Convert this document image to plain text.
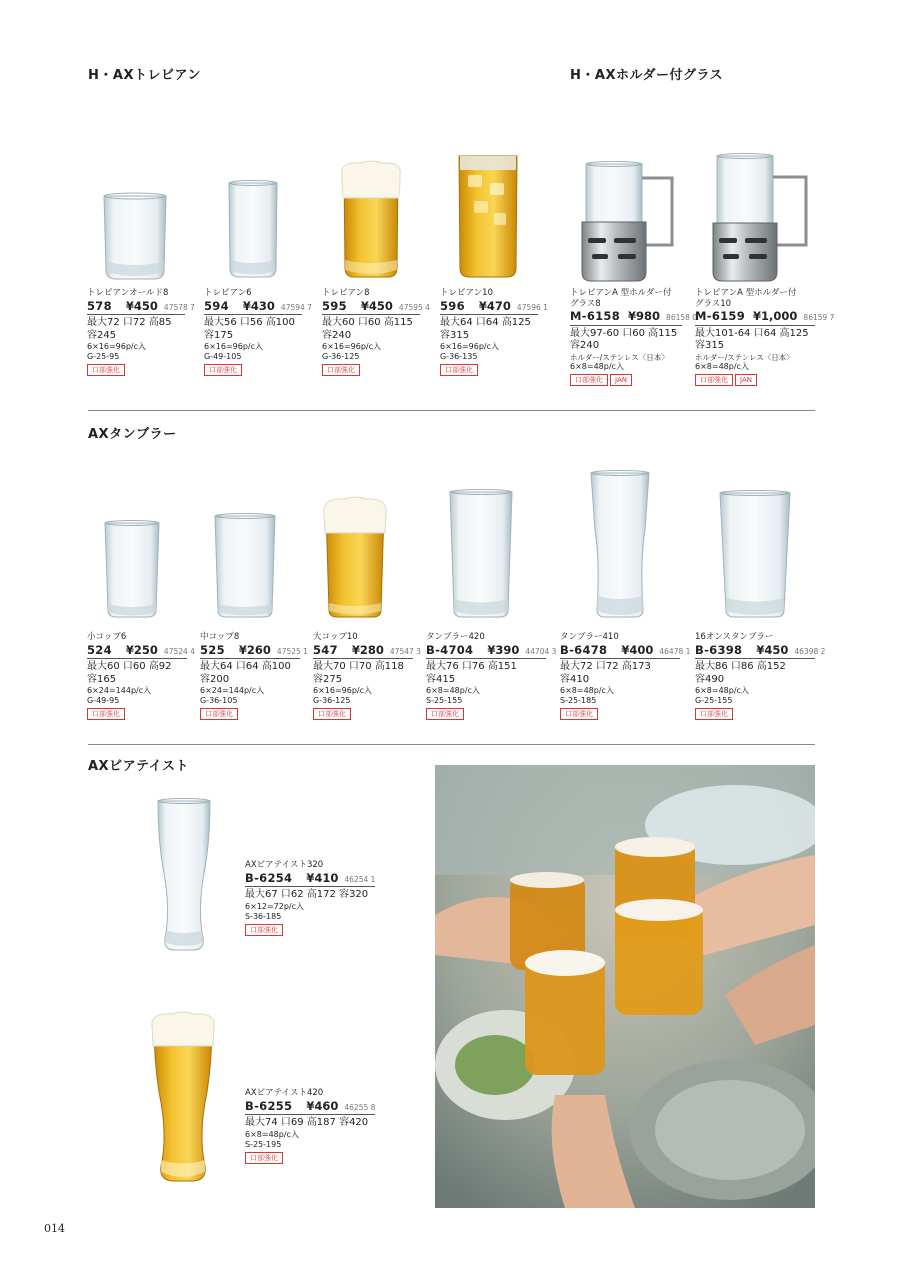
H・AXトレビアン	H・AXホルダー付グラス
AXタンブラー
AXビアテイスト
トレビアンオールド8
578 ¥450 47578 7
最大72 口72 高85
容245
6×16=96p/c入
G-25-95
口部強化
トレビアン6
594 ¥430 47594 7
最大56 口56 高100
容175
6×16=96p/c入
G-49-105
口部強化
トレビアン8
595 ¥450 47595 4
最大60 口60 高115
容240
6×16=96p/c入
G-36-125
口部強化
トレビアン10
596 ¥470 47596 1
最大64 口64 高125
容315
6×16=96p/c入
G-36-135
口部強化
トレビアンA 型ホルダー付
グラス8
M-6158 ¥980 86158 0
最大97-60 口60 高115
容240
ホルダー/ステンレス〈日本〉
6×8=48p/c入
口部強化 JAN
トレビアンA 型ホルダー付
グラス10
M-6159 ¥1,000 86159 7
最大101-64 口64 高125
容315
ホルダー/ステンレス〈日本〉
6×8=48p/c入
口部強化 JAN
小コップ6
524 ¥250 47524 4
最大60 口60 高92
容165
6×24=144p/c入
G-49-95
口部強化
中コップ8
525 ¥260 47525 1
最大64 口64 高100
容200
6×24=144p/c入
G-36-105
口部強化
大コップ10
547 ¥280 47547 3
最大70 口70 高118
容275
6×16=96p/c入
G-36-125
口部強化
タンブラー420
B-4704 ¥390 44704 3
最大76 口76 高151
容415
6×8=48p/c入
S-25-155
口部強化
タンブラー410
B-6478 ¥400 46478 1
最大72 口72 高173
容410
6×8=48p/c入
S-25-185
口部強化
16オンスタンブラー
B-6398 ¥450 46398 2
最大86 口86 高152
容490
6×8=48p/c入
G-25-155
口部強化
AXビアテイスト320
B-6254 ¥410 46254 1
最大67 口62 高172 容320
6×12=72p/c入
S-36-185
口部強化
AXビアテイスト420
B-6255 ¥460 46255 8
最大74 口69 高187 容420
6×8=48p/c入
S-25-195
口部強化
014
